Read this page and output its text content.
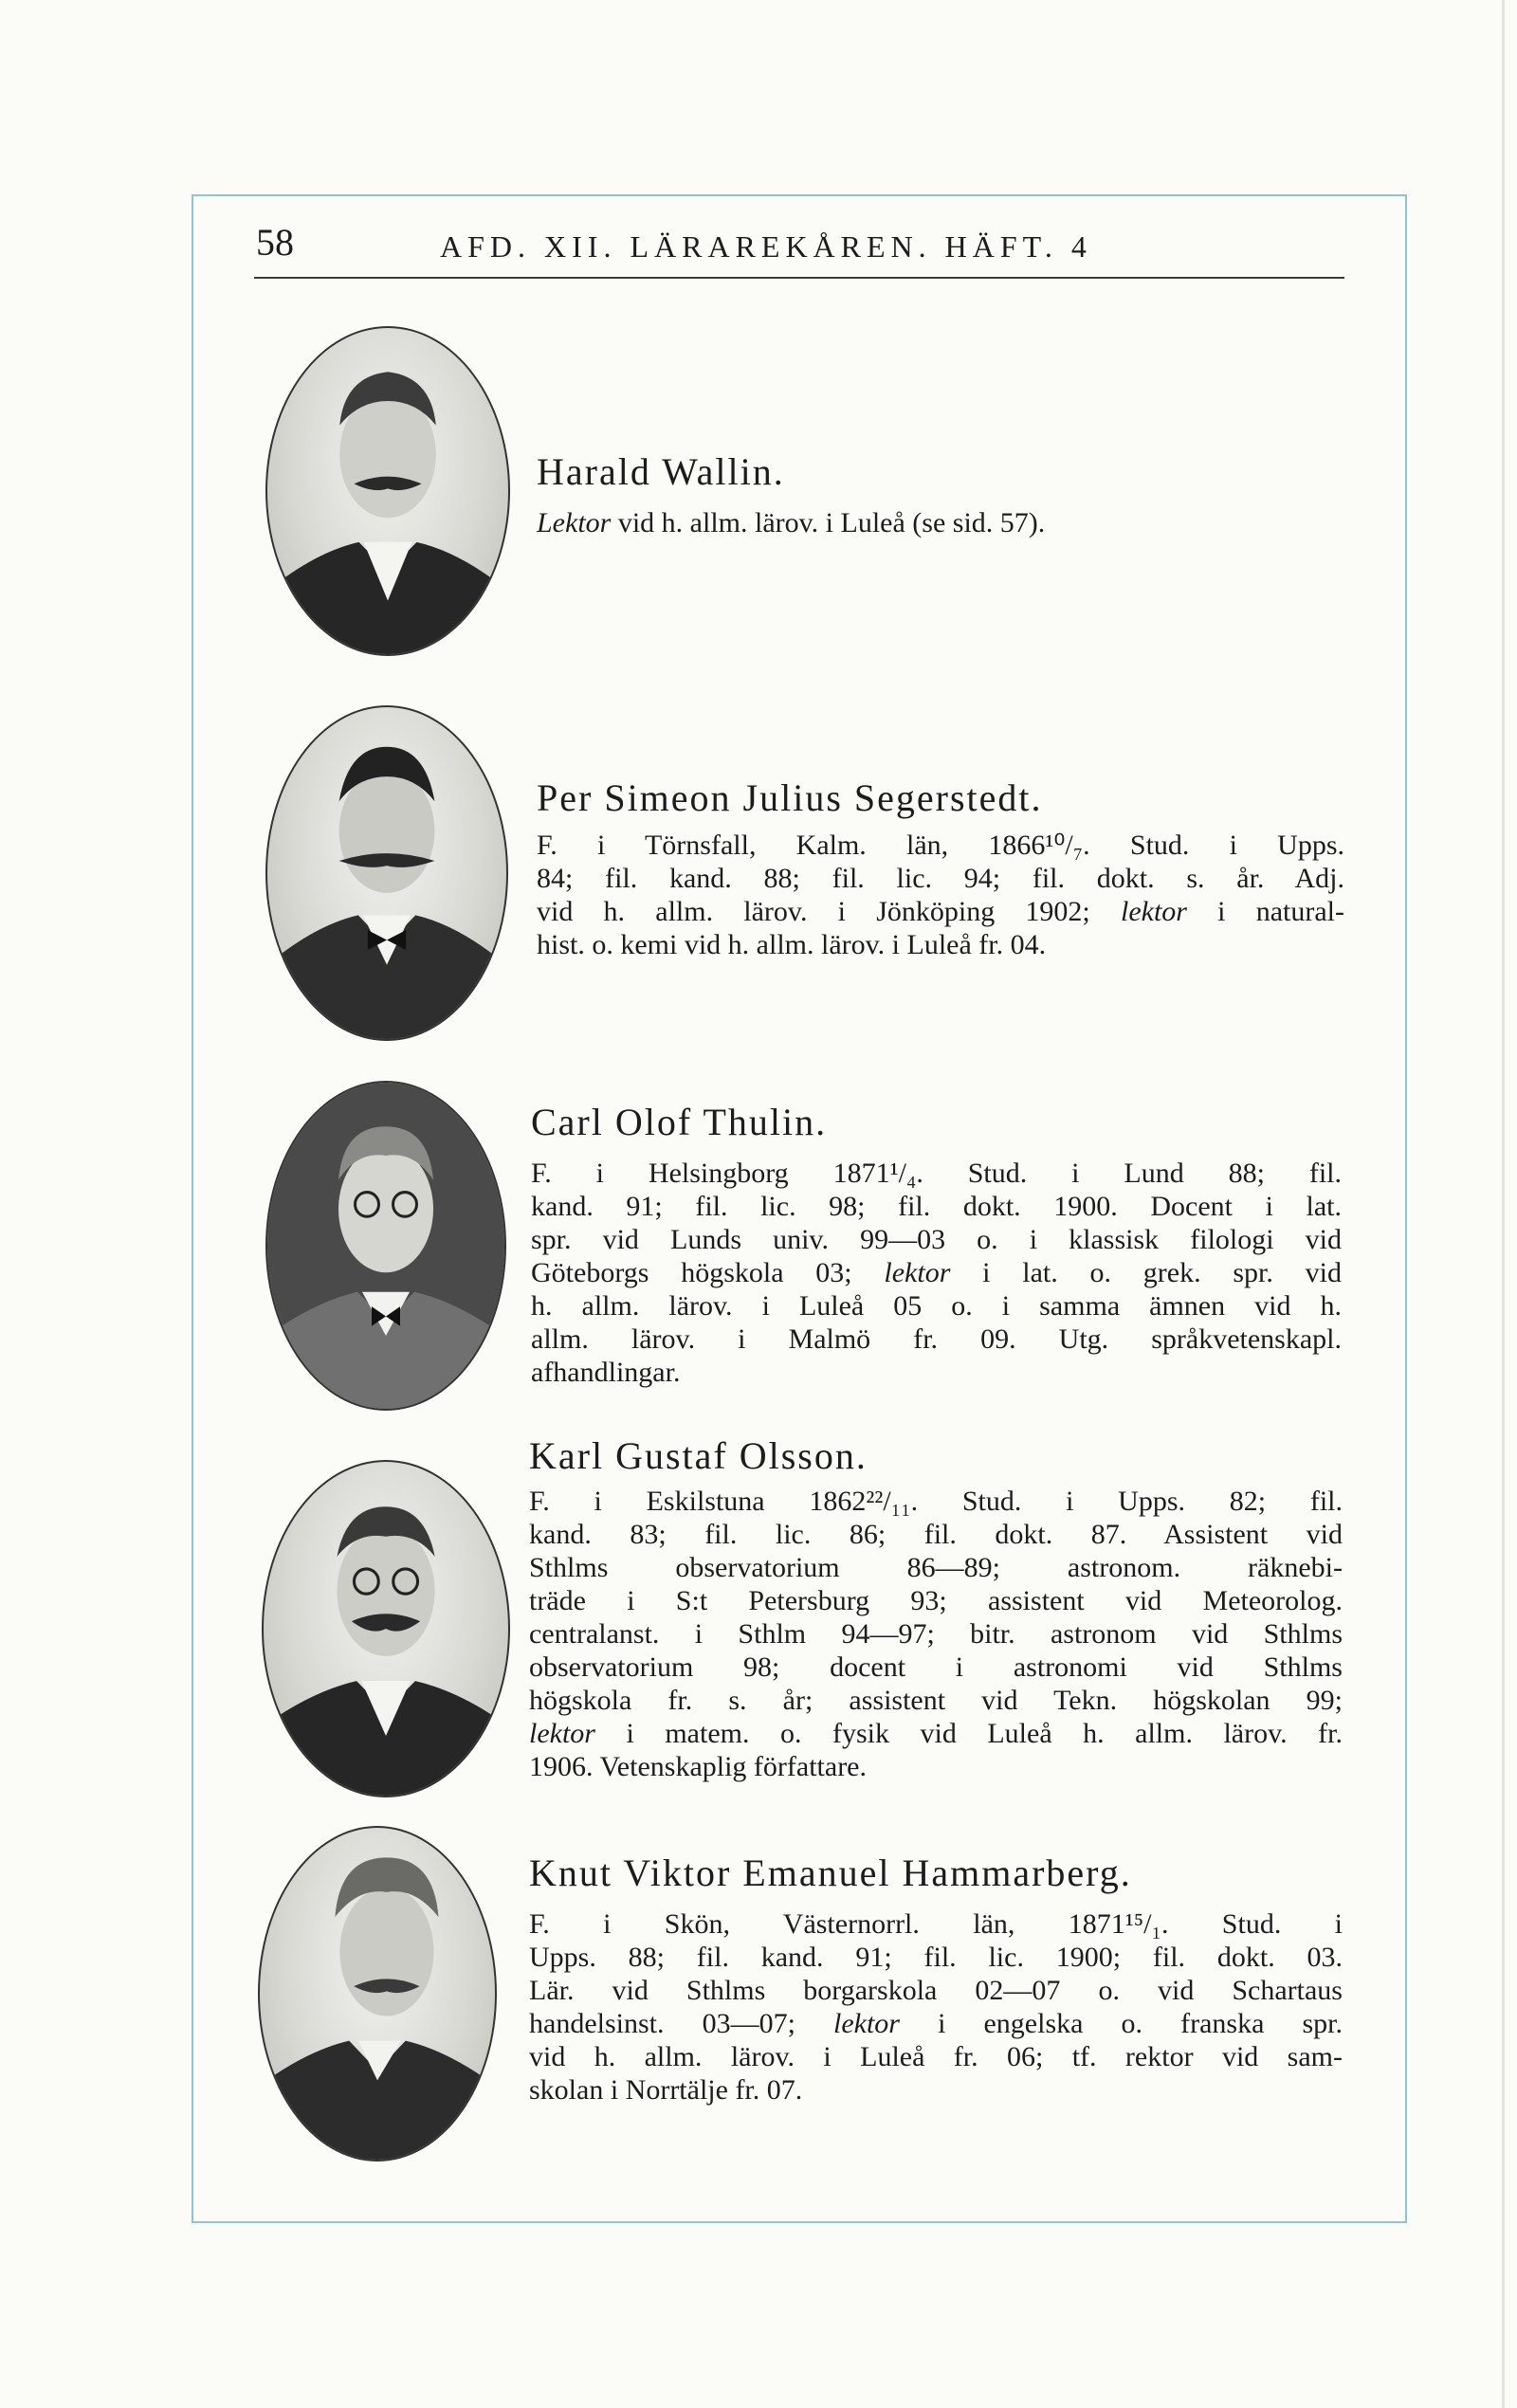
58	AFD. XII. LÄRAREKÅREN. HÄFT. 4
Harald Wallin.
Lektor vid h. allm. lärov. i Luleå (se sid. 57).
Per Simeon Julius Segerstedt.
F. i Törnsfall, Kalm. län, 1866¹⁰/₇. Stud. i Upps.
84; fil. kand. 88; fil. lic. 94; fil. dokt. s. år. Adj.
vid h. allm. lärov. i Jönköping 1902; lektor i natural-
hist. o. kemi vid h. allm. lärov. i Luleå fr. 04.
Carl Olof Thulin.
F. i Helsingborg 1871¹/₄. Stud. i Lund 88; fil.
kand. 91; fil. lic. 98; fil. dokt. 1900. Docent i lat.
spr. vid Lunds univ. 99—03 o. i klassisk filologi vid
Göteborgs högskola 03; lektor i lat. o. grek. spr. vid
h. allm. lärov. i Luleå 05 o. i samma ämnen vid h.
allm. lärov. i Malmö fr. 09. Utg. språkvetenskapl.
afhandlingar.
Karl Gustaf Olsson.
F. i Eskilstuna 1862²²/₁₁. Stud. i Upps. 82; fil.
kand. 83; fil. lic. 86; fil. dokt. 87. Assistent vid
Sthlms observatorium 86—89; astronom. räknebi-
träde i S:t Petersburg 93; assistent vid Meteorolog.
centralanst. i Sthlm 94—97; bitr. astronom vid Sthlms
observatorium 98; docent i astronomi vid Sthlms
högskola fr. s. år; assistent vid Tekn. högskolan 99;
lektor i matem. o. fysik vid Luleå h. allm. lärov. fr.
1906. Vetenskaplig författare.
Knut Viktor Emanuel Hammarberg.
F. i Skön, Västernorrl. län, 1871¹⁵/₁. Stud. i
Upps. 88; fil. kand. 91; fil. lic. 1900; fil. dokt. 03.
Lär. vid Sthlms borgarskola 02—07 o. vid Schartaus
handelsinst. 03—07; lektor i engelska o. franska spr.
vid h. allm. lärov. i Luleå fr. 06; tf. rektor vid sam-
skolan i Norrtälje fr. 07.
